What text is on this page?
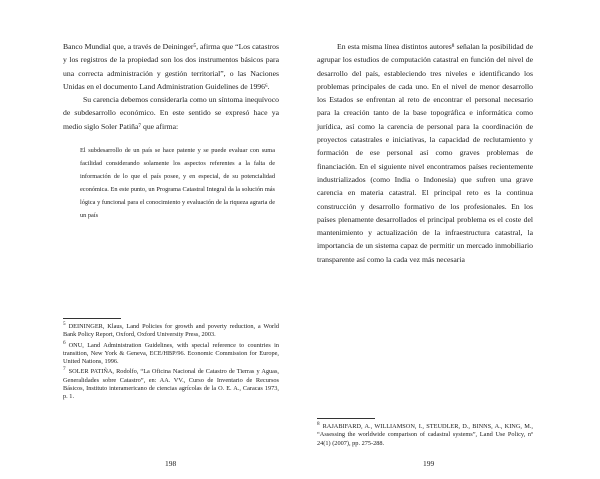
Banco Mundial que, a través de Deininger⁵, afirma que “Los catastros y los registros de la propiedad son los dos instrumentos básicos para una correcta administración y gestión territorial”, o las Naciones Unidas en el documento Land Administration Guidelines de 1996⁶.

Su carencia debemos considerarla como un síntoma inequívoco de subdesarrollo económico. En este sentido se expresó hace ya medio siglo Soler Patiña⁷ que afirma:

El subdesarrollo de un país se hace patente y se puede evaluar con suma facilidad considerando solamente los aspectos referentes a la falta de información de lo que el país posee, y en especial, de su potencialidad económica. En este punto, un Programa Catastral Integral da la solución más lógica y funcional para el conocimiento y evaluación de la riqueza agraria de un país

$^5$ DEININGER, Klaus, Land Policies for growth and poverty reduction, a World Bank Policy Report, Oxford, Oxford University Press, 2003.

$^6$ ONU, Land Administration Guidelines, with special reference to countries in transition, New York & Geneva, ECE/HBP/96. Economic Commission for Europe, United Nations, 1996.

$^7$ SOLER PATIÑA, Rodolfo, “La Oficina Nacional de Catastro de Tierras y Aguas, Generalidades sobre Catastro”, en: AA. VV., Curso de Inventario de Recursos Básicos, Instituto interamericano de ciencias agrícolas de la O. E. A., Caracas 1973, p. 1.

En esta misma línea distintos autores⁸ señalan la posibilidad de agrupar los estudios de computación catastral en función del nivel de desarrollo del país, estableciendo tres niveles e identificando los problemas principales de cada uno. En el nivel de menor desarrollo los Estados se enfrentan al reto de encontrar el personal necesario para la creación tanto de la base topográfica e informática como jurídica, así como la carencia de personal para la coordinación de proyectos catastrales e iniciativas, la capacidad de reclutamiento y formación de ese personal así como graves problemas de financiación. En el siguiente nivel encontramos países recientemente industrializados (como India o Indonesia) que sufren una grave carencia en materia catastral. El principal reto es la continua construcción y desarrollo formativo de los profesionales. En los países plenamente desarrollados el principal problema es el coste del mantenimiento y actualización de la infraestructura catastral, la importancia de un sistema capaz de permitir un mercado inmobiliario transparente así como la cada vez más necesaria

$^8$ RAJABIFARD, A., WILLIAMSON, I., STEUDLER, D., BINNS, A., KING, M., “Assessing the worldwide comparison of cadastral systems”, Land Use Policy, nº 24(1) (2007), pp. 275-288.

198	199
